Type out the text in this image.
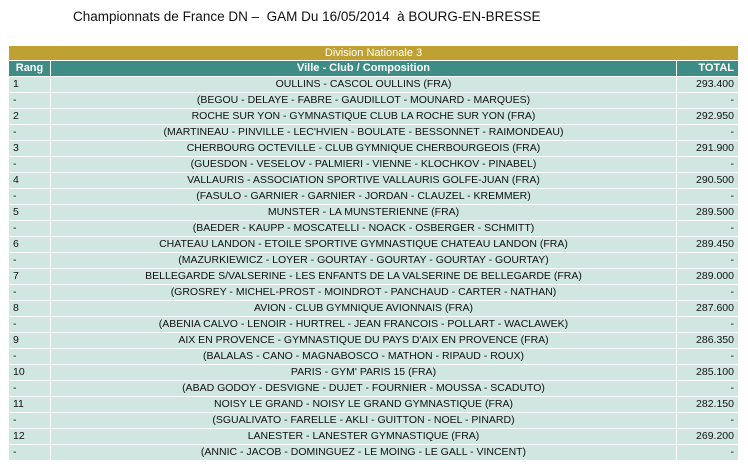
Championnats de France DN –  GAM Du 16/05/2014  à BOURG-EN-BRESSE
Division Nationale 3		
Rang	Ville - Club / Composition	TOTAL
1	OULLINS - CASCOL OULLINS (FRA)	293.400
-	(BEGOU - DELAYE - FABRE - GAUDILLOT - MOUNARD - MARQUES)	-
2	ROCHE SUR YON - GYMNASTIQUE CLUB LA ROCHE SUR YON (FRA)	292.950
-	(MARTINEAU - PINVILLE - LEC'HVIEN - BOULATE - BESSONNET - RAIMONDEAU)	-
3	CHERBOURG OCTEVILLE - CLUB GYMNIQUE CHERBOURGEOIS (FRA)	291.900
-	(GUESDON - VESELOV - PALMIERI - VIENNE - KLOCHKOV - PINABEL)	-
4	VALLAURIS - ASSOCIATION SPORTIVE VALLAURIS GOLFE-JUAN (FRA)	290.500
-	(FASULO - GARNIER - GARNIER - JORDAN - CLAUZEL - KREMMER)	-
5	MUNSTER - LA MUNSTERIENNE (FRA)	289.500
-	(BAEDER - KAUPP - MOSCATELLI - NOACK - OSBERGER - SCHMITT)	-
6	CHATEAU LANDON - ETOILE SPORTIVE GYMNASTIQUE CHATEAU LANDON (FRA)	289.450
-	(MAZURKIEWICZ - LOYER - GOURTAY - GOURTAY - GOURTAY - GOURTAY)	-
7	BELLEGARDE S/VALSERINE - LES ENFANTS DE LA VALSERINE DE BELLEGARDE (FRA)	289.000
-	(GROSREY - MICHEL-PROST - MOINDROT - PANCHAUD - CARTER - NATHAN)	-
8	AVION - CLUB GYMNIQUE AVIONNAIS (FRA)	287.600
-	(ABENIA CALVO - LENOIR - HURTREL - JEAN FRANCOIS - POLLART - WACLAWEK)	-
9	AIX EN PROVENCE - GYMNASTIQUE DU PAYS D'AIX EN PROVENCE (FRA)	286.350
-	(BALALAS - CANO - MAGNABOSCO - MATHON - RIPAUD - ROUX)	-
10	PARIS - GYM' PARIS 15 (FRA)	285.100
-	(ABAD GODOY - DESVIGNE - DUJET - FOURNIER - MOUSSA - SCADUTO)	-
11	NOISY LE GRAND - NOISY LE GRAND GYMNASTIQUE (FRA)	282.150
-	(SGUALIVATO - FARELLE - AKLI - GUITTON - NOEL - PINARD)	-
12	LANESTER - LANESTER GYMNASTIQUE (FRA)	269.200
-	(ANNIC - JACOB - DOMINGUEZ - LE MOING - LE GALL - VINCENT)	-
